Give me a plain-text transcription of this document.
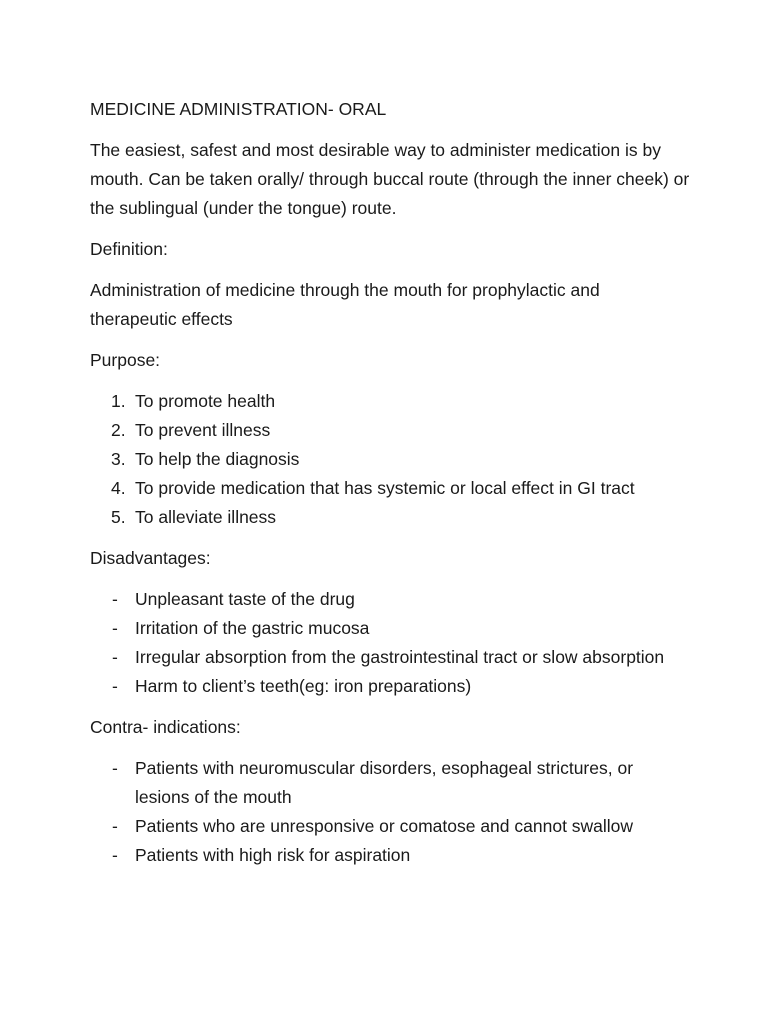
MEDICINE ADMINISTRATION- ORAL

The easiest, safest and most desirable way to administer medication is by mouth. Can be taken orally/ through buccal route (through the inner cheek) or the sublingual (under the tongue) route.

Definition:

Administration of medicine through the mouth for prophylactic and therapeutic effects

Purpose:

1. To promote health
2. To prevent illness
3. To help the diagnosis
4. To provide medication that has systemic or local effect in GI tract
5. To alleviate illness

Disadvantages:

- Unpleasant taste of the drug
- Irritation of the gastric mucosa
- Irregular absorption from the gastrointestinal tract or slow absorption
- Harm to client’s teeth(eg: iron preparations)

Contra- indications:

- Patients with neuromuscular disorders, esophageal strictures, or lesions of the mouth
- Patients who are unresponsive or comatose and cannot swallow
- Patients with high risk for aspiration
